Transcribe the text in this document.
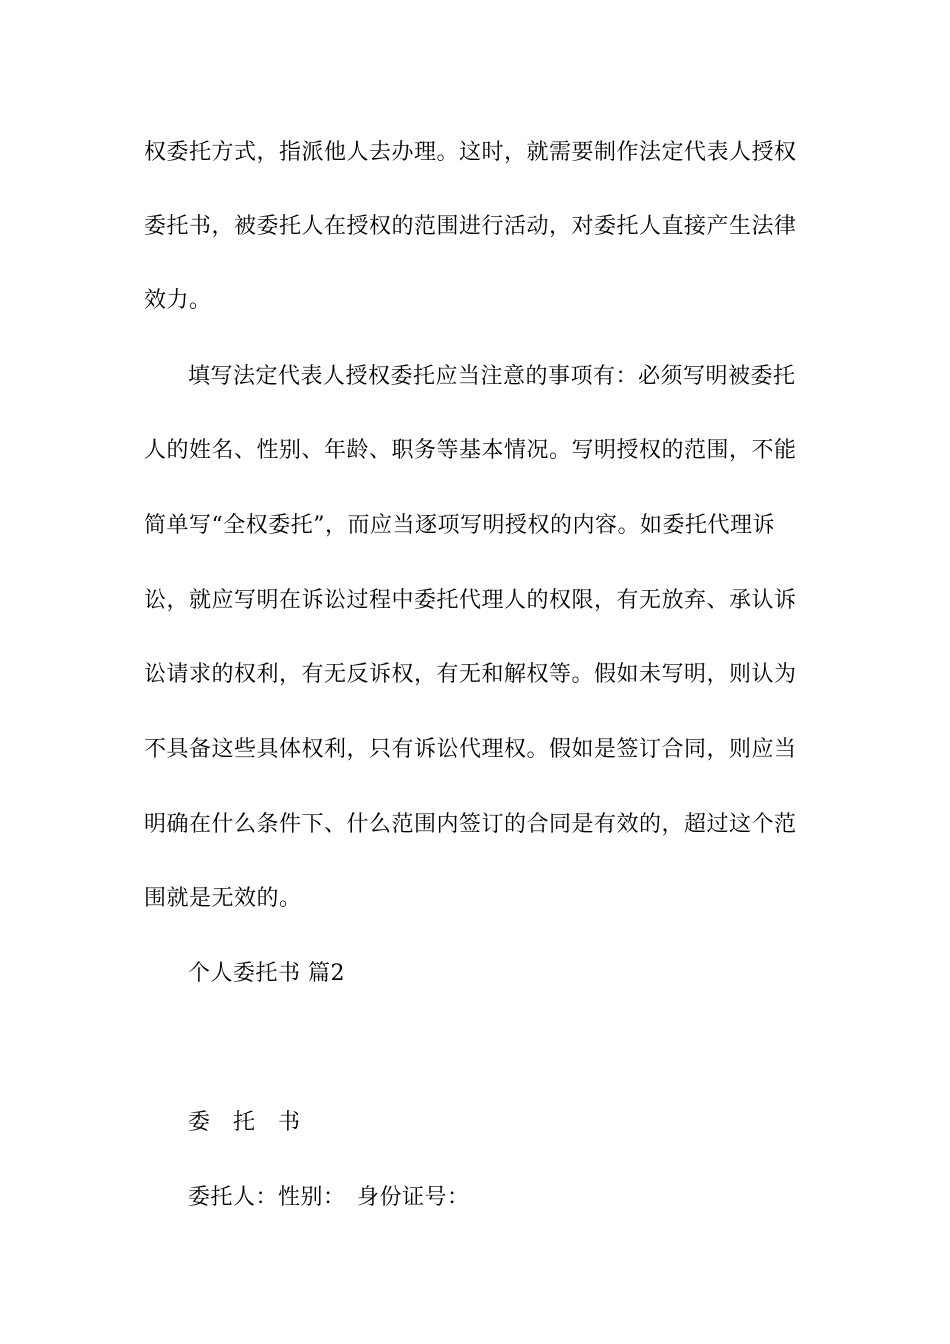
权委托方式，指派他人去办理。这时，就需要制作法定代表人授权
委托书，被委托人在授权的范围进行活动，对委托人直接产生法律
效力。
填写法定代表人授权委托应当注意的事项有：必须写明被委托
人的姓名、性别、年龄、职务等基本情况。写明授权的范围，不能
简单写“全权委托”，而应当逐项写明授权的内容。如委托代理诉
讼，就应写明在诉讼过程中委托代理人的权限，有无放弃、承认诉
讼请求的权利，有无反诉权，有无和解权等。假如未写明，则认为
不具备这些具体权利，只有诉讼代理权。假如是签订合同，则应当
明确在什么条件下、什么范围内签订的合同是有效的，超过这个范
围就是无效的。
个人委托书 篇2
委　托　书
委托人：性别：　身份证号：
